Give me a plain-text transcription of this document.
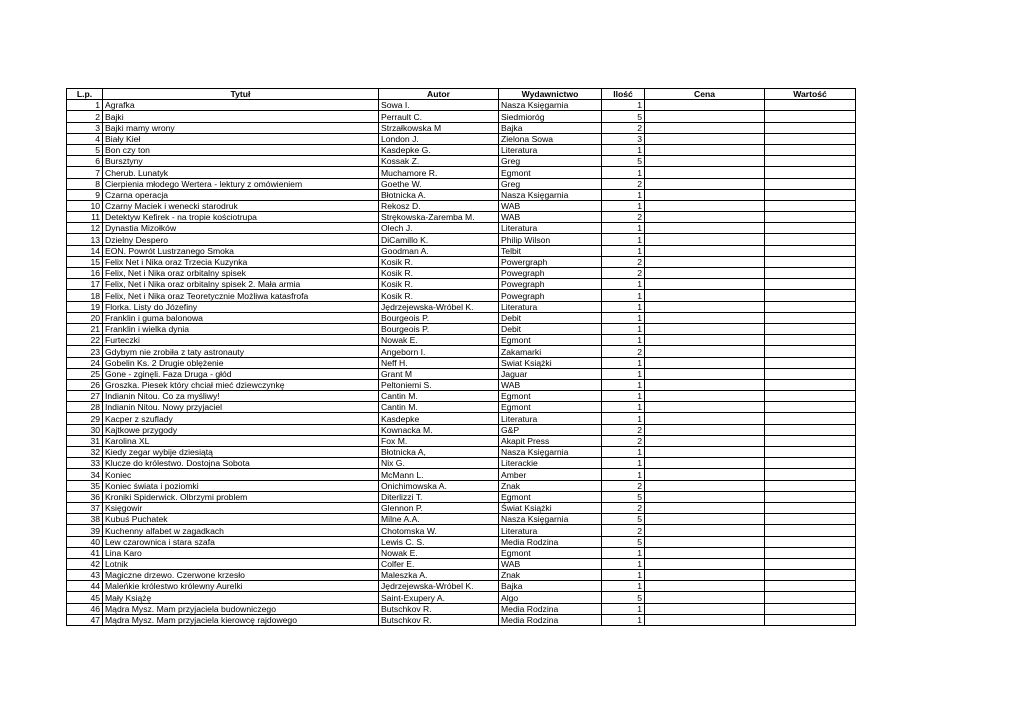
L.p.	Tytuł	Autor	Wydawnictwo	Ilość	Cena	Wartość
1	Agrafka	Sowa I.	Nasza Księgarnia	1		
2	Bajki	Perrault C.	Siedmioróg	5		
3	Bajki mamy wrony	Strzałkowska M	Bajka	2		
4	Biały Kieł	London J.	Zielona Sowa	3		
5	Bon czy ton	Kasdepke G.	Literatura	1		
6	Bursztyny	Kossak Z.	Greg	5		
7	Cherub. Lunatyk	Muchamore R.	Egmont	1		
8	Cierpienia młodego Wertera - lektury z omówieniem	Goethe W.	Greg	2		
9	Czarna operacja	Błotnicka A.	Nasza Księgarnia	1		
10	Czarny Maciek i wenecki starodruk	Rekosz D.	WAB	1		
11	Detektyw Kefirek - na tropie kościotrupa	Strękowska-Zaremba M.	WAB	2		
12	Dynastia Mizołków	Olech J.	Literatura	1		
13	Dzielny Despero	DiCamillo K.	Philip Wilson	1		
14	EON. Powrót Lustrzanego Smoka	Goodman A.	Telbit	1		
15	Felix Net i Nika oraz Trzecia Kuzynka	Kosik R.	Powergraph	2		
16	Felix, Net i Nika oraz orbitalny spisek	Kosik R.	Powegraph	2		
17	Felix, Net i Nika oraz orbitalny spisek 2. Mała armia	Kosik R.	Powegraph	1		
18	Felix, Net i Nika oraz Teoretycznie Możliwa katasfrofa	Kosik R.	Powegraph	1		
19	Florka. Listy do Józefiny	Jędrzejewska-Wróbel K.	Literatura	1		
20	Franklin i guma balonowa	Bourgeois P.	Debit	1		
21	Franklin i wielka dynia	Bourgeois P.	Debit	1		
22	Furteczki	Nowak E.	Egmont	1		
23	Gdybym nie zrobiła z taty astronauty	Angeborn I.	Zakamarki	2		
24	Gobelin Ks. 2 Drugie oblężenie	Neff H.	Swiat Książki	1		
25	Gone - zginęli. Faza Druga - głód	Grant M	Jaguar	1		
26	Groszka. Piesek który chciał mieć dziewczynkę	Peltoniemi S.	WAB	1		
27	Indianin Nitou. Co za myśliwy!	Cantin M.	Egmont	1		
28	Indianin Nitou. Nowy przyjaciel	Cantin M.	Egmont	1		
29	Kacper z szuflady	Kasdepke	Literatura	1		
30	Kajtkowe przygody	Kownacka M.	G&P	2		
31	Karolina XL	Fox M.	Akapit Press	2		
32	Kiedy zegar wybije dziesiątą	Błotnicka A,	Nasza Księgarnia	1		
33	Klucze do królestwo. Dostojna Sobota	Nix G.	Literackie	1		
34	Koniec	McMann L.	Amber	1		
35	Koniec świata i poziomki	Onichimowska A.	Znak	2		
36	Kroniki Spiderwick. Olbrzymi problem	Diterlizzi T.	Egmont	5		
37	Księgowir	Glennon P.	Świat Książki	2		
38	Kubuś Puchatek	Milne A.A.	Nasza Księgarnia	5		
39	Kuchenny alfabet w zagadkach	Chotomska W.	Literatura	2		
40	Lew czarownica i stara szafa	Lewis C. S.	Media Rodzina	5		
41	Lina Karo	Nowak E.	Egmont	1		
42	Lotnik	Colfer E.	WAB	1		
43	Magiczne drzewo. Czerwone krzesło	Maleszka A.	Znak	1		
44	Maleńkie królestwo królewny Aurelki	Jędrzejewska-Wróbel K.	Bajka	1		
45	Mały Książę	Saint-Exupery A.	Algo	5		
46	Mądra Mysz. Mam przyjaciela budowniczego	Butschkov R.	Media Rodzina	1		
47	Mądra Mysz. Mam przyjaciela kierowcę rajdowego	Butschkov R.	Media Rodzina	1		
